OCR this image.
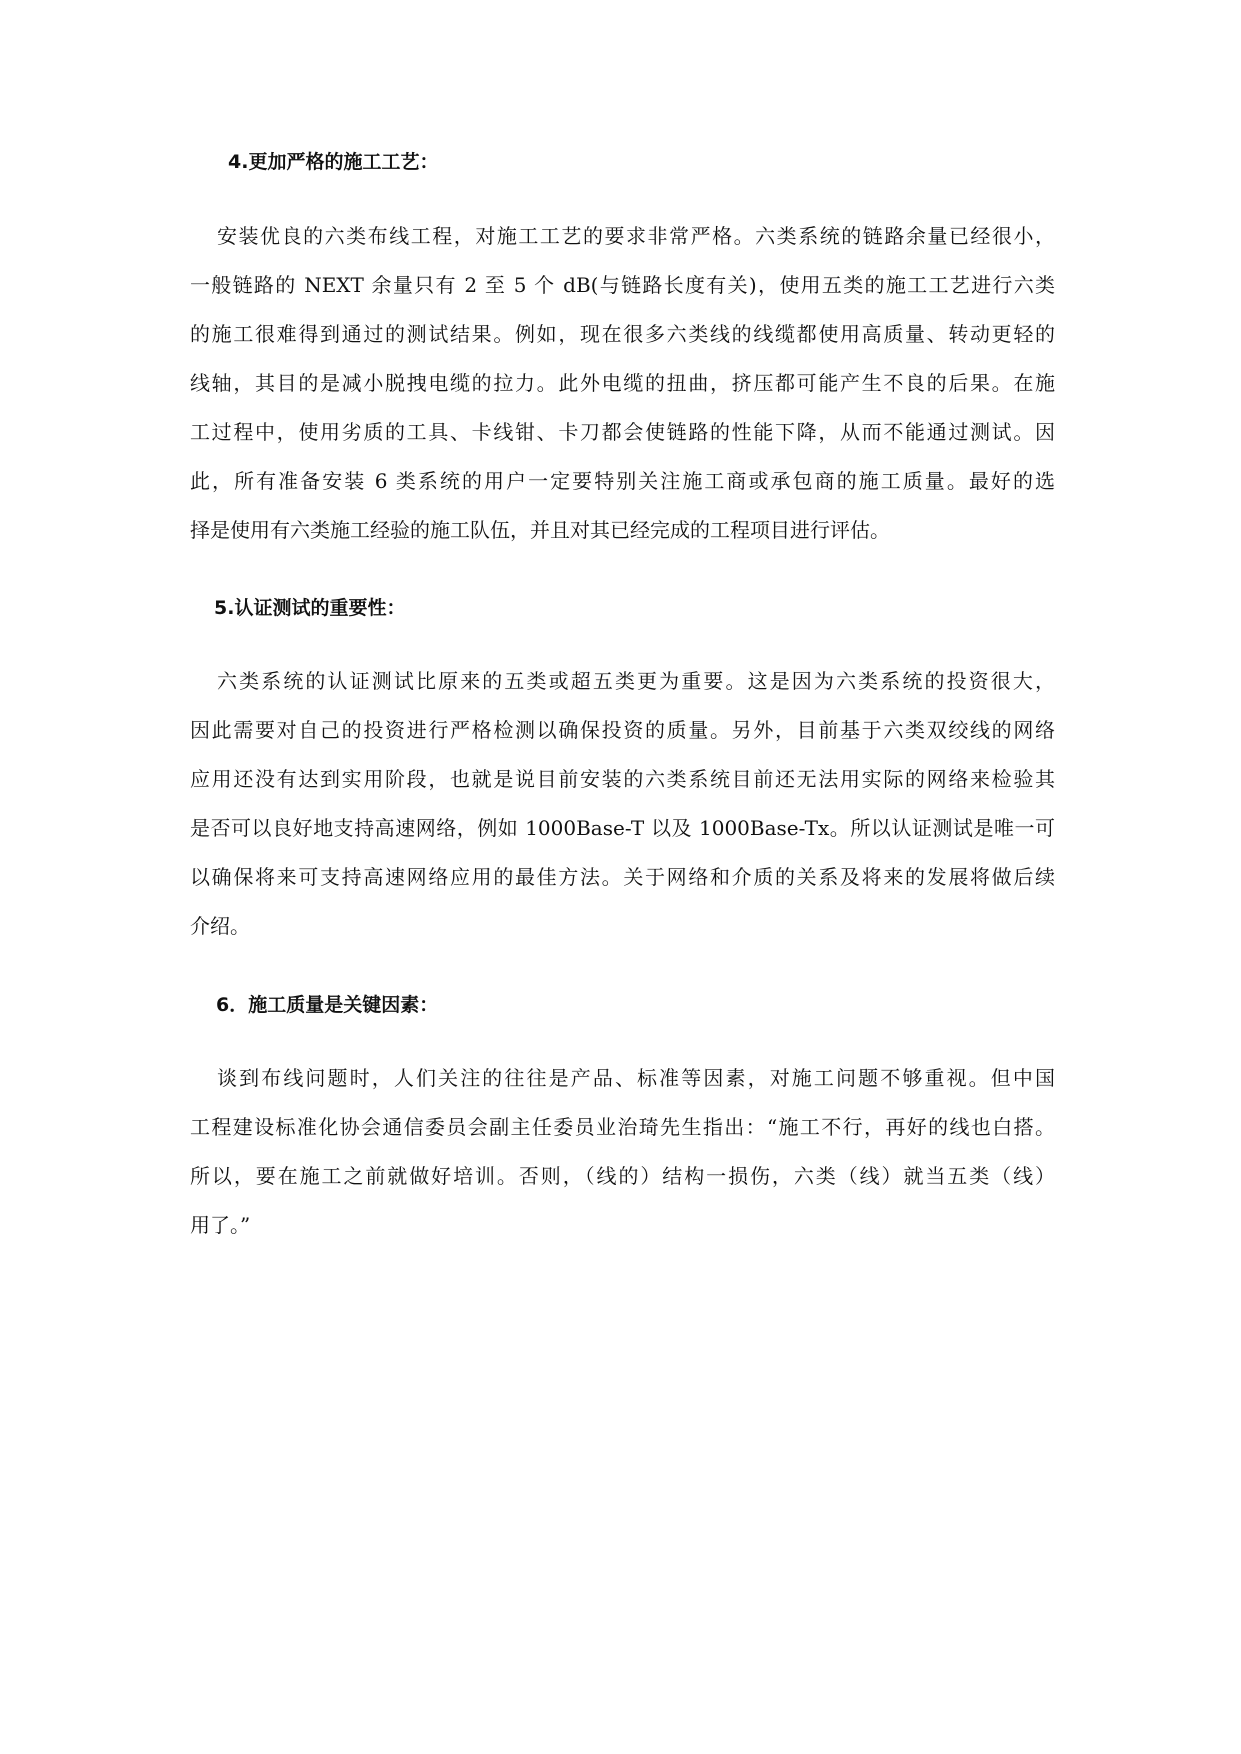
4.更加严格的施工工艺：

安装优良的六类布线工程，对施工工艺的要求非常严格。六类系统的链路余量已经很小，

一般链路的 NEXT 余量只有 2 至 5 个 dB(与链路长度有关)，使用五类的施工工艺进行六类

的施工很难得到通过的测试结果。例如，现在很多六类线的线缆都使用高质量、转动更轻的

线轴，其目的是减小脱拽电缆的拉力。此外电缆的扭曲，挤压都可能产生不良的后果。在施

工过程中，使用劣质的工具、卡线钳、卡刀都会使链路的性能下降，从而不能通过测试。因

此，所有准备安装 6 类系统的用户一定要特别关注施工商或承包商的施工质量。最好的选

择是使用有六类施工经验的施工队伍，并且对其已经完成的工程项目进行评估。

5.认证测试的重要性：

六类系统的认证测试比原来的五类或超五类更为重要。这是因为六类系统的投资很大，

因此需要对自己的投资进行严格检测以确保投资的质量。另外，目前基于六类双绞线的网络

应用还没有达到实用阶段，也就是说目前安装的六类系统目前还无法用实际的网络来检验其

是否可以良好地支持高速网络，例如 1000Base-T 以及 1000Base-Tx。所以认证测试是唯一可

以确保将来可支持高速网络应用的最佳方法。关于网络和介质的关系及将来的发展将做后续

介绍。

6．施工质量是关键因素：

谈到布线问题时，人们关注的往往是产品、标准等因素，对施工问题不够重视。但中国

工程建设标准化协会通信委员会副主任委员业治琦先生指出：“施工不行，再好的线也白搭。

所以，要在施工之前就做好培训。否则，（线的）结构一损伤，六类（线）就当五类（线）

用了。”
